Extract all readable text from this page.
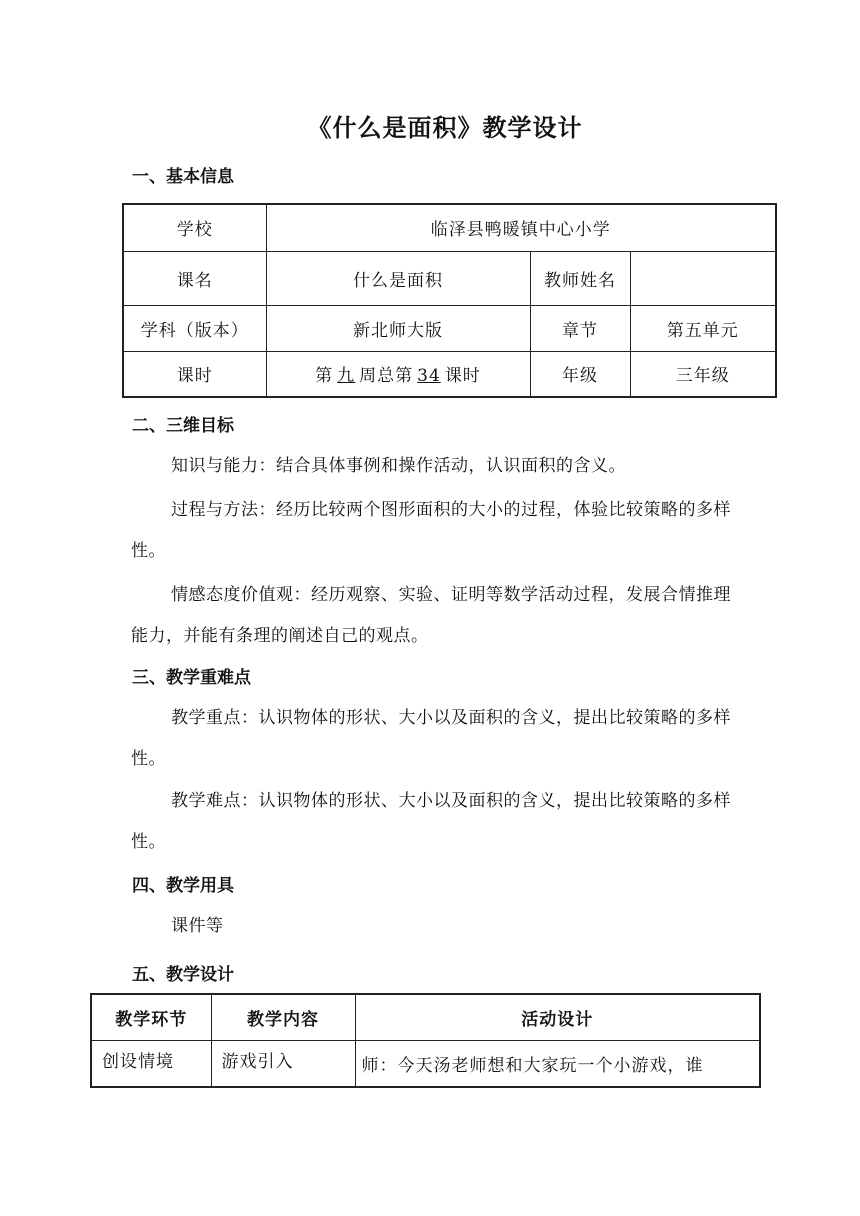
《什么是面积》教学设计
一、基本信息
学校	临泽县鸭暖镇中心小学		
课名	什么是面积	教师姓名	
学科（版本）	新北师大版	章节	第五单元
课时	第 九 周总第 34 课时	年级	三年级
二、三维目标
知识与能力：结合具体事例和操作活动，认识面积的含义。
过程与方法：经历比较两个图形面积的大小的过程，体验比较策略的多样性。
情感态度价值观：经历观察、实验、证明等数学活动过程，发展合情推理能力，并能有条理的阐述自己的观点。
三、教学重难点
教学重点：认识物体的形状、大小以及面积的含义，提出比较策略的多样性。
教学难点：认识物体的形状、大小以及面积的含义，提出比较策略的多样性。
四、教学用具
课件等
五、教学设计
教学环节	教学内容	活动设计
创设情境	游戏引入	师：今天汤老师想和大家玩一个小游戏，谁
